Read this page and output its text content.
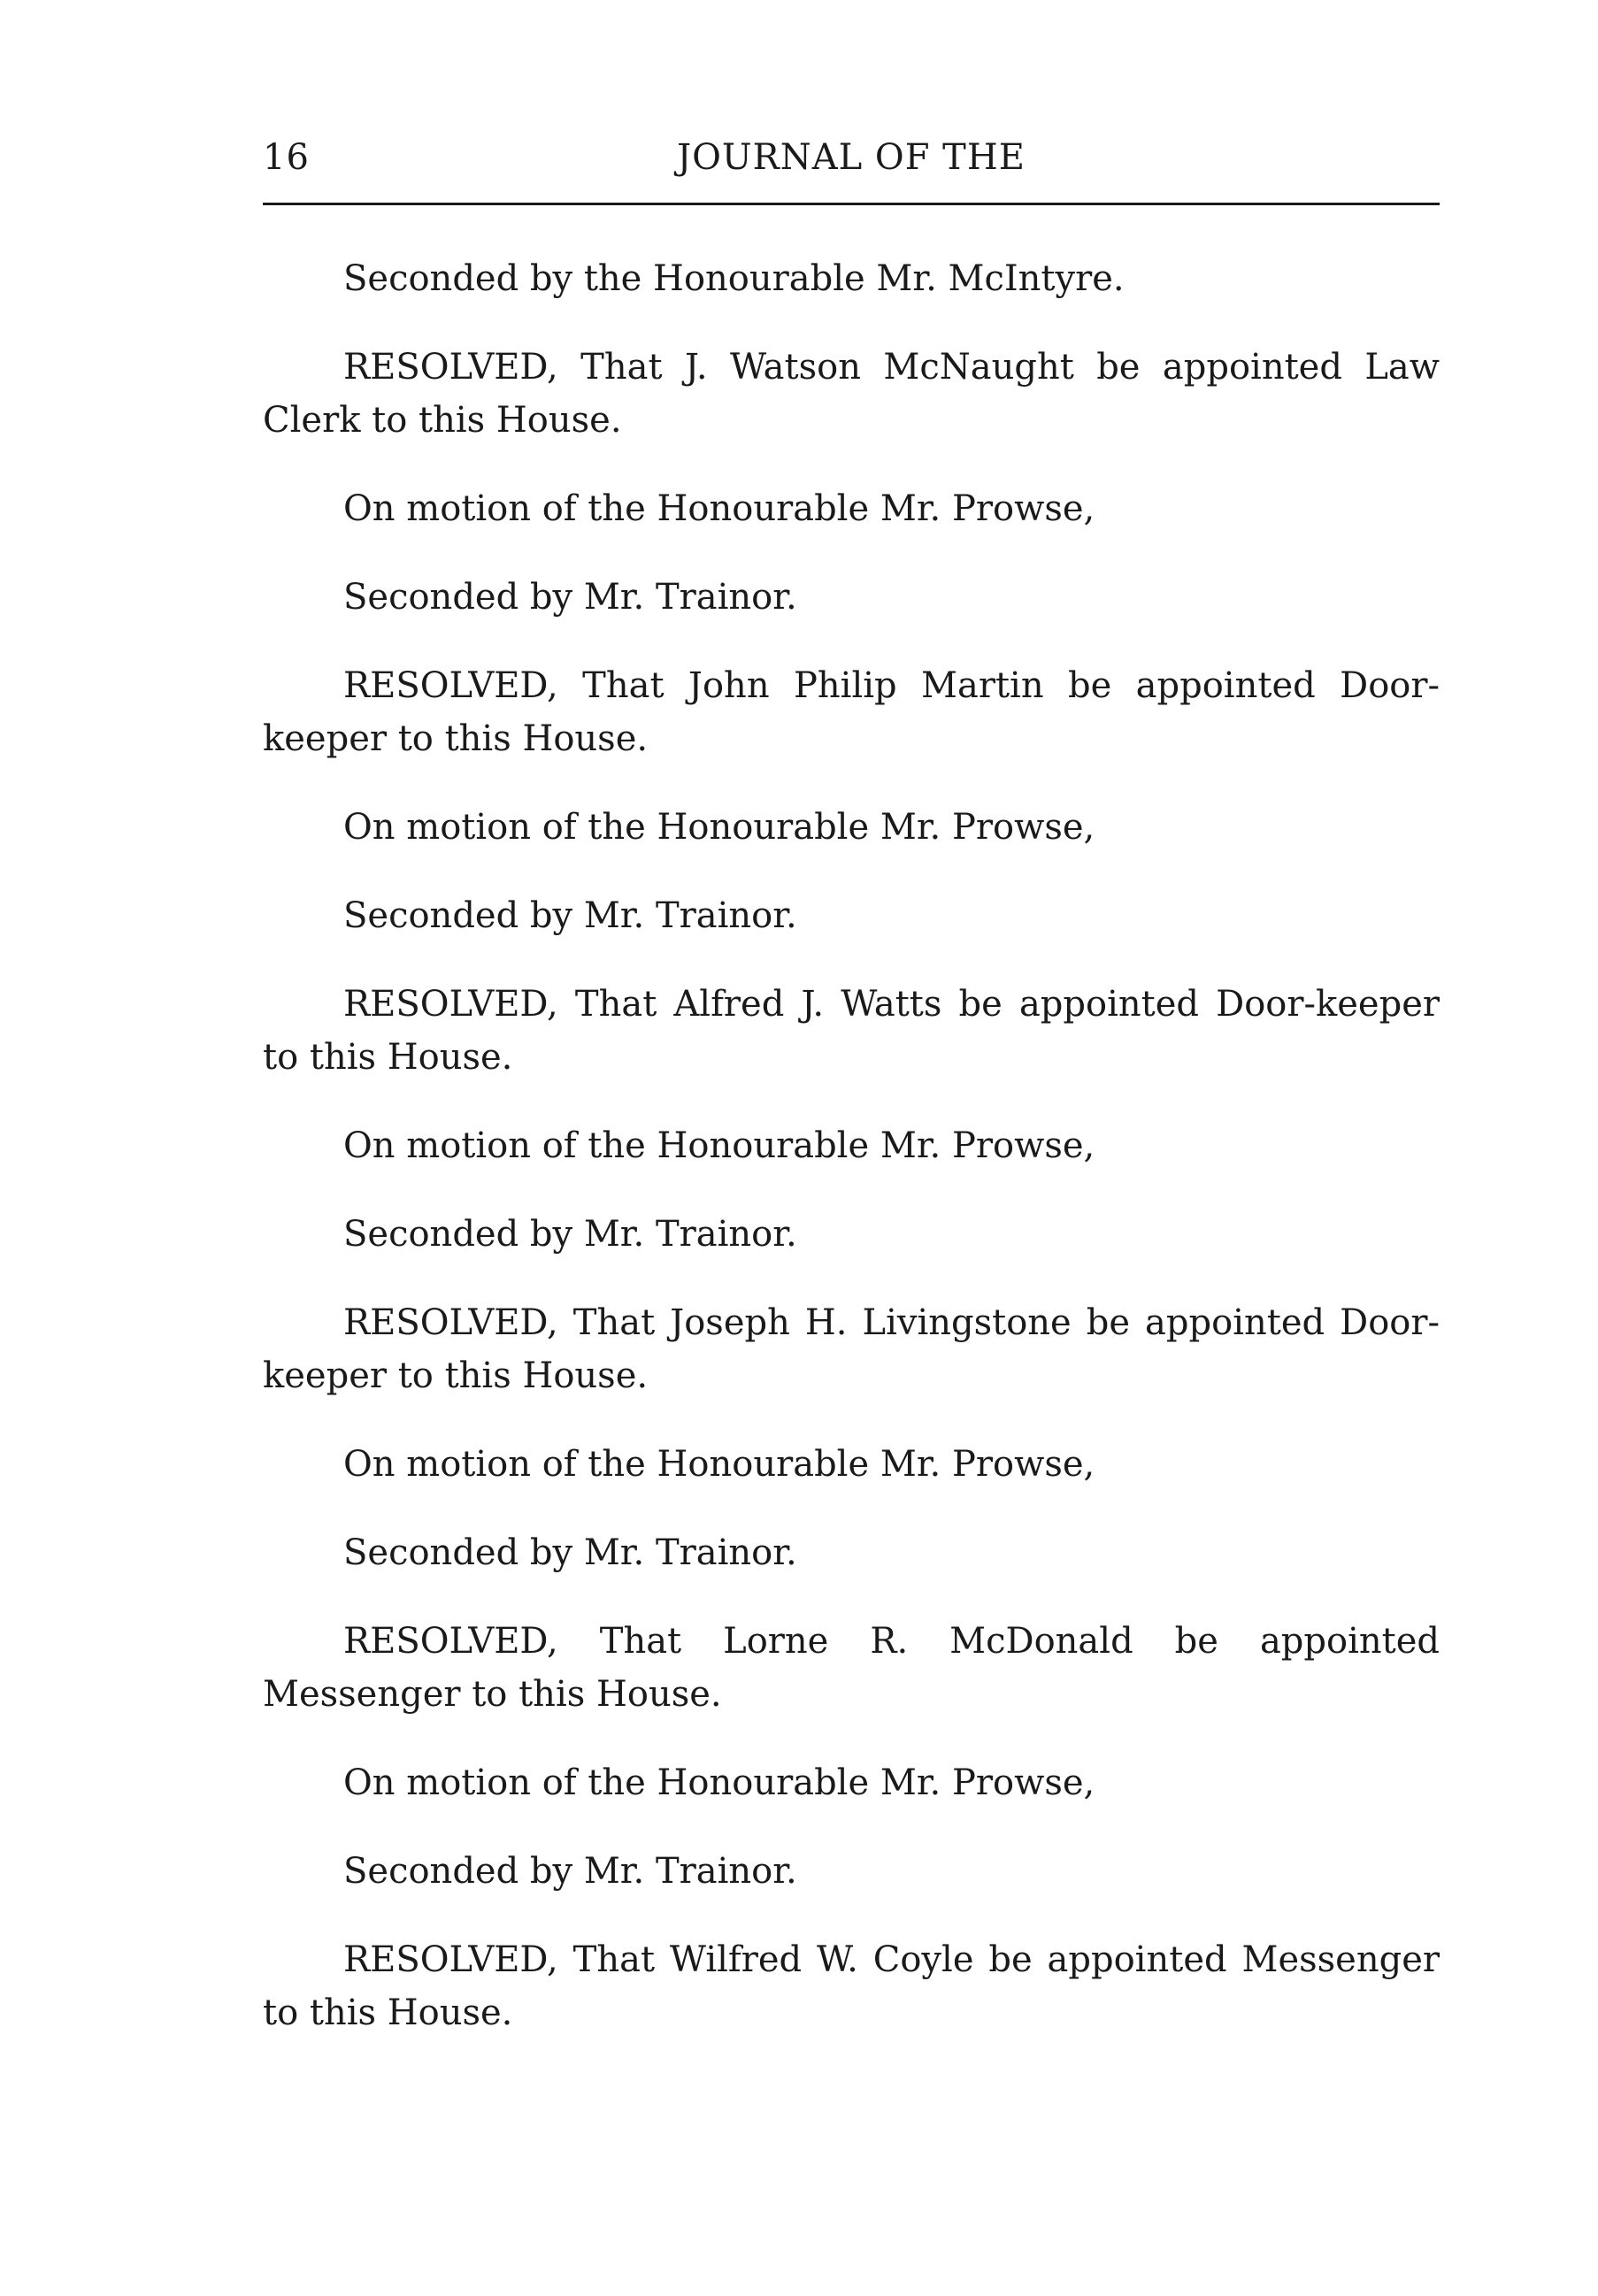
16	JOURNAL OF THE

Seconded by the Honourable Mr. McIntyre.

RESOLVED, That J. Watson McNaught be appointed Law Clerk to this House.

On motion of the Honourable Mr. Prowse,

Seconded by Mr. Trainor.

RESOLVED, That John Philip Martin be appointed Door-keeper to this House.

On motion of the Honourable Mr. Prowse,

Seconded by Mr. Trainor.

RESOLVED, That Alfred J. Watts be appointed Door-keeper to this House.

On motion of the Honourable Mr. Prowse,

Seconded by Mr. Trainor.

RESOLVED, That Joseph H. Livingstone be appointed Door-keeper to this House.

On motion of the Honourable Mr. Prowse,

Seconded by Mr. Trainor.

RESOLVED, That Lorne R. McDonald be appointed Messenger to this House.

On motion of the Honourable Mr. Prowse,

Seconded by Mr. Trainor.

RESOLVED, That Wilfred W. Coyle be appointed Messenger to this House.
